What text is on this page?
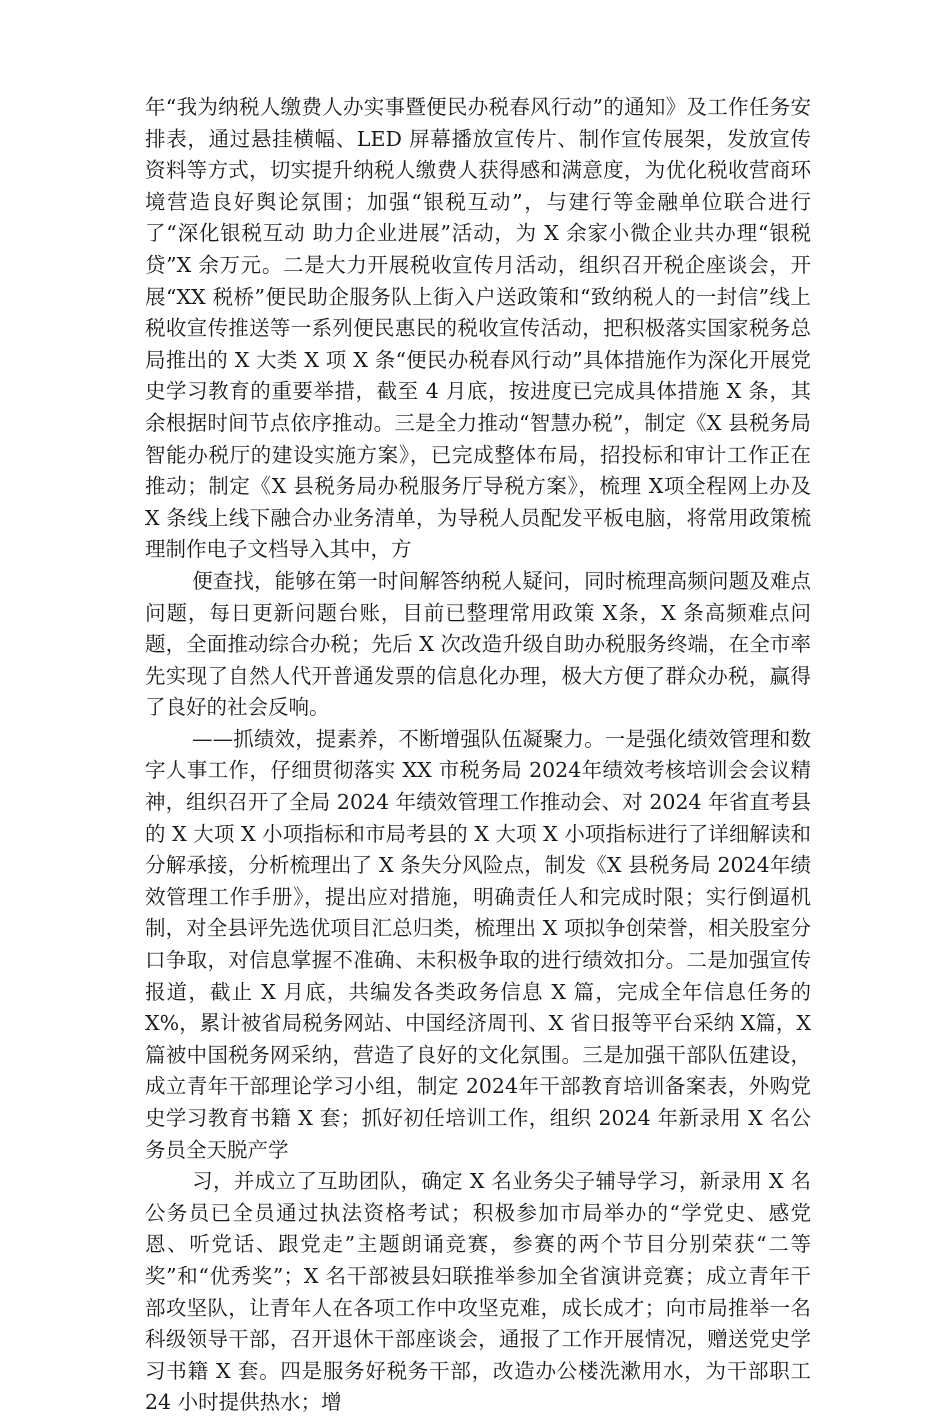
年“我为纳税人缴费人办实事暨便民办税春风行动”的通知》及工作任务安排表，通过悬挂横幅、LED 屏幕播放宣传片、制作宣传展架，发放宣传资料等方式，切实提升纳税人缴费人获得感和满意度，为优化税收营商环境营造良好舆论氛围；加强“银税互动”，与建行等金融单位联合进行了“深化银税互动 助力企业进展”活动，为 X 余家小微企业共办理“银税贷”X 余万元。二是大力开展税收宣传月活动，组织召开税企座谈会，开展“XX 税桥”便民助企服务队上街入户送政策和“致纳税人的一封信”线上税收宣传推送等一系列便民惠民的税收宣传活动，把积极落实国家税务总局推出的 X 大类 X 项 X 条“便民办税春风行动”具体措施作为深化开展党史学习教育的重要举措，截至 4 月底，按进度已完成具体措施 X 条，其余根据时间节点依序推动。三是全力推动“智慧办税”，制定《X 县税务局智能办税厅的建设实施方案》，已完成整体布局，招投标和审计工作正在推动；制定《X 县税务局办税服务厅导税方案》，梳理 X项全程网上办及 X 条线上线下融合办业务清单，为导税人员配发平板电脑，将常用政策梳理制作电子文档导入其中，方

便查找，能够在第一时间解答纳税人疑问，同时梳理高频问题及难点问题，每日更新问题台账，目前已整理常用政策 X条，X 条高频难点问题，全面推动综合办税；先后 X 次改造升级自助办税服务终端，在全市率先实现了自然人代开普通发票的信息化办理，极大方便了群众办税，赢得了良好的社会反响。

——抓绩效，提素养，不断增强队伍凝聚力。一是强化绩效管理和数字人事工作，仔细贯彻落实 XX 市税务局 2024年绩效考核培训会会议精神，组织召开了全局 2024 年绩效管理工作推动会、对 2024 年省直考县的 X 大项 X 小项指标和市局考县的 X 大项 X 小项指标进行了详细解读和分解承接，分析梳理出了 X 条失分风险点，制发《X 县税务局 2024年绩效管理工作手册》，提出应对措施，明确责任人和完成时限；实行倒逼机制，对全县评先选优项目汇总归类，梳理出 X 项拟争创荣誉，相关股室分口争取，对信息掌握不准确、未积极争取的进行绩效扣分。二是加强宣传报道，截止 X 月底，共编发各类政务信息 X 篇，完成全年信息任务的 X%，累计被省局税务网站、中国经济周刊、X 省日报等平台采纳 X篇，X 篇被中国税务网采纳，营造了良好的文化氛围。三是加强干部队伍建设，成立青年干部理论学习小组，制定 2024年干部教育培训备案表，外购党史学习教育书籍 X 套；抓好初任培训工作，组织 2024 年新录用 X 名公务员全天脱产学

习，并成立了互助团队，确定 X 名业务尖子辅导学习，新录用 X 名公务员已全员通过执法资格考试；积极参加市局举办的“学党史、感党恩、听党话、跟党走”主题朗诵竞赛，参赛的两个节目分别荣获“二等奖”和“优秀奖”；X 名干部被县妇联推举参加全省演讲竞赛；成立青年干部攻坚队，让青年人在各项工作中攻坚克难，成长成才；向市局推举一名科级领导干部，召开退休干部座谈会，通报了工作开展情况，赠送党史学习书籍 X 套。四是服务好税务干部，改造办公楼洗漱用水，为干部职工 24 小时提供热水；增
